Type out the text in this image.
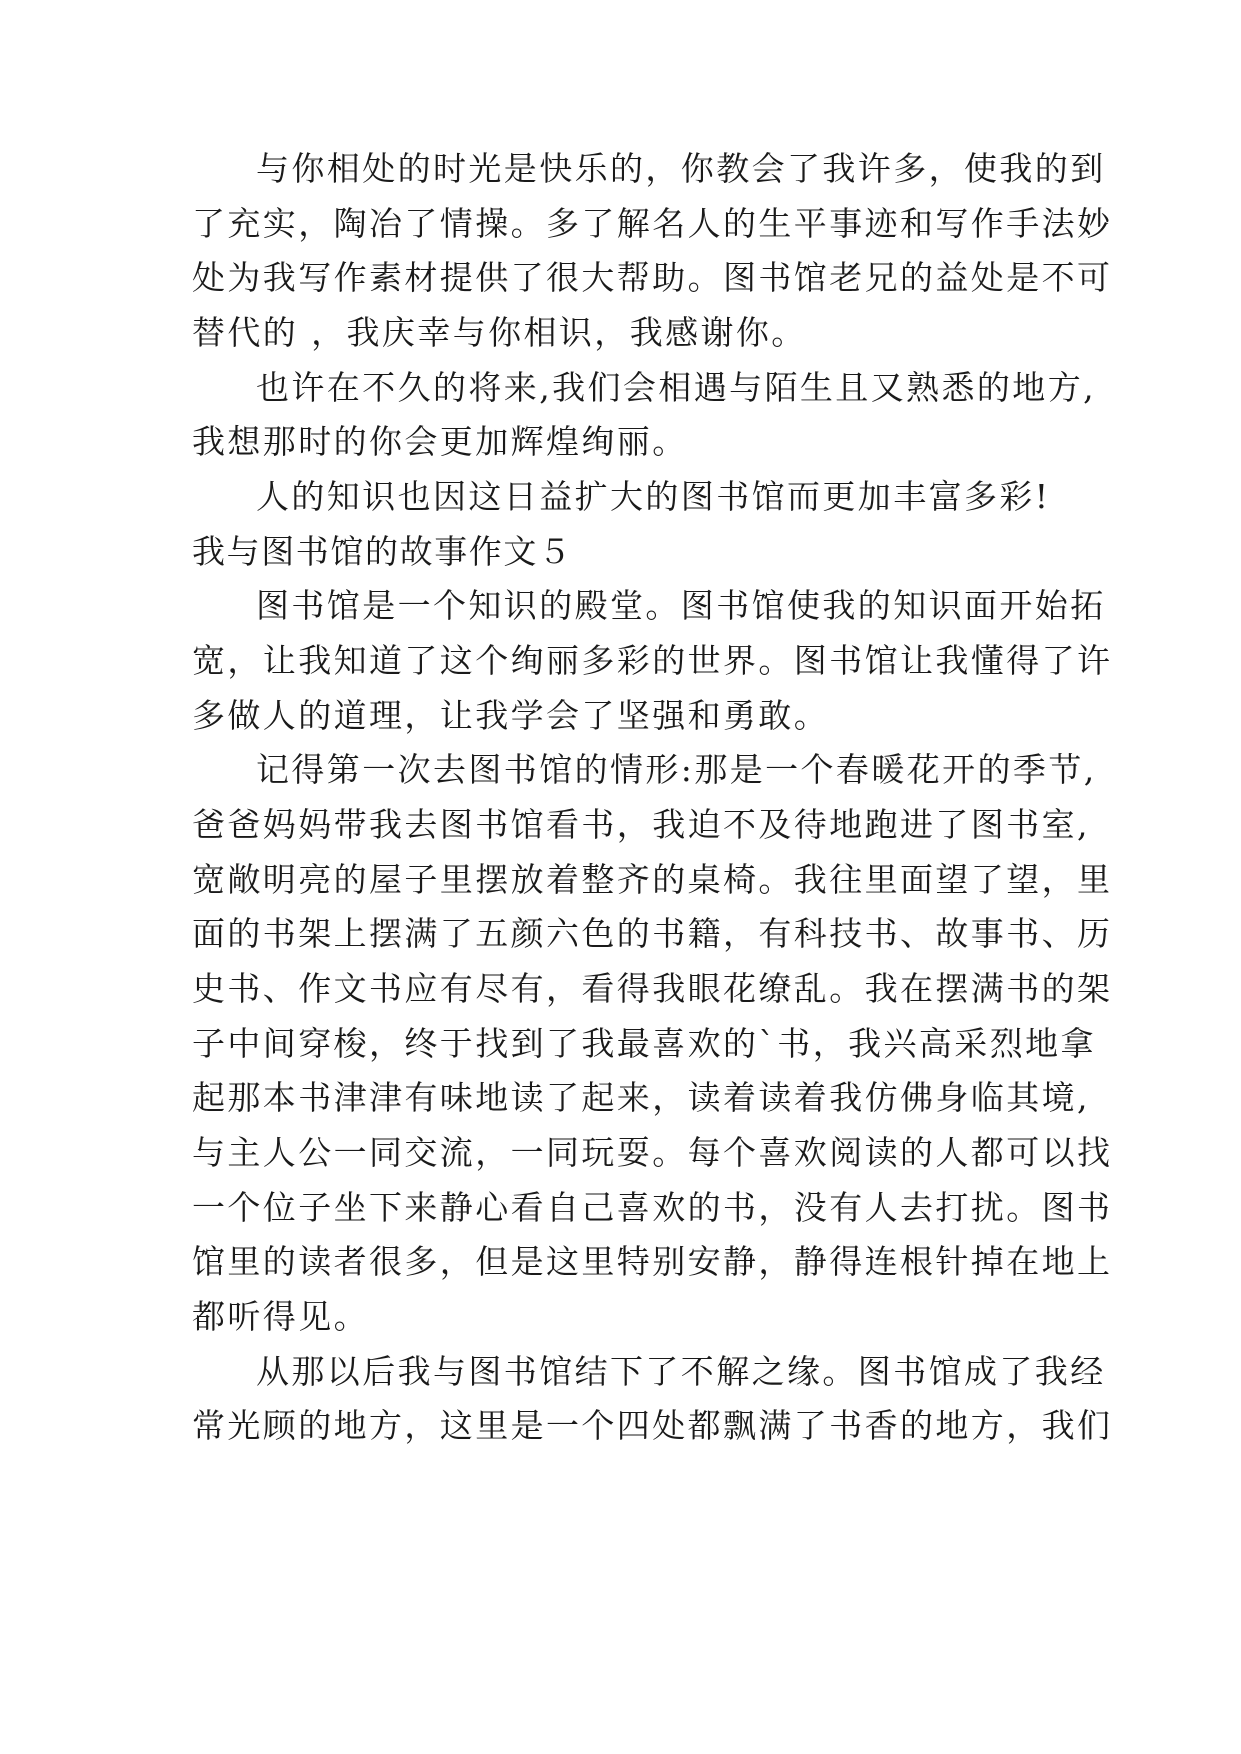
与你相处的时光是快乐的，你教会了我许多，使我的到
了充实，陶冶了情操。多了解名人的生平事迹和写作手法妙
处为我写作素材提供了很大帮助。图书馆老兄的益处是不可
替代的 ，我庆幸与你相识，我感谢你。
也许在不久的将来,我们会相遇与陌生且又熟悉的地方,
我想那时的你会更加辉煌绚丽。
人的知识也因这日益扩大的图书馆而更加丰富多彩!
我与图书馆的故事作文５
图书馆是一个知识的殿堂。图书馆使我的知识面开始拓
宽，让我知道了这个绚丽多彩的世界。图书馆让我懂得了许
多做人的道理，让我学会了坚强和勇敢。
记得第一次去图书馆的情形:那是一个春暖花开的季节,
爸爸妈妈带我去图书馆看书，我迫不及待地跑进了图书室,
宽敞明亮的屋子里摆放着整齐的桌椅。我往里面望了望，里
面的书架上摆满了五颜六色的书籍，有科技书、故事书、历
史书、作文书应有尽有，看得我眼花缭乱。我在摆满书的架
子中间穿梭，终于找到了我最喜欢的`书，我兴高采烈地拿
起那本书津津有味地读了起来，读着读着我仿佛身临其境,
与主人公一同交流，一同玩耍。每个喜欢阅读的人都可以找
一个位子坐下来静心看自己喜欢的书，没有人去打扰。图书
馆里的读者很多，但是这里特别安静，静得连根针掉在地上
都听得见。
从那以后我与图书馆结下了不解之缘。图书馆成了我经
常光顾的地方，这里是一个四处都飘满了书香的地方，我们
